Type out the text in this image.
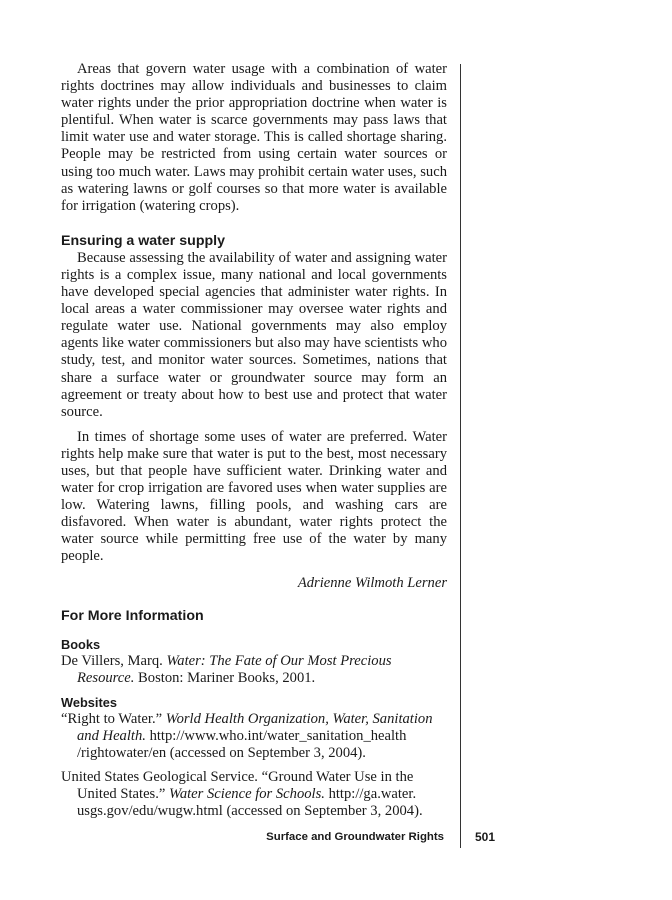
Areas that govern water usage with a combination of water rights doctrines may allow individuals and businesses to claim water rights under the prior appropriation doctrine when water is plentiful. When water is scarce governments may pass laws that limit water use and water storage. This is called shortage sharing. People may be restricted from using certain water sources or using too much water. Laws may prohibit certain water uses, such as watering lawns or golf courses so that more water is available for irrigation (watering crops).

Ensuring a water supply

Because assessing the availability of water and assigning water rights is a complex issue, many national and local governments have developed special agencies that administer water rights. In local areas a water commissioner may oversee water rights and regulate water use. National governments may also employ agents like water commissioners but also may have scientists who study, test, and monitor water sources. Sometimes, nations that share a surface water or groundwater source may form an agreement or treaty about how to best use and protect that water source.

In times of shortage some uses of water are preferred. Water rights help make sure that water is put to the best, most necessary uses, but that people have sufficient water. Drinking water and water for crop irrigation are favored uses when water supplies are low. Watering lawns, filling pools, and washing cars are disfavored. When water is abundant, water rights protect the water source while permitting free use of the water by many people.

Adrienne Wilmoth Lerner
For More Information
Books
De Villers, Marq. Water: The Fate of Our Most Precious Resource. Boston: Mariner Books, 2001.
Websites
“Right to Water.” World Health Organization, Water, Sanitation and Health. http://www.who.int/water_sanitation_health /rightowater/en (accessed on September 3, 2004).
United States Geological Service. “Ground Water Use in the United States.” Water Science for Schools. http://ga.water. usgs.gov/edu/wugw.html (accessed on September 3, 2004).
Surface and Groundwater Rights	501
